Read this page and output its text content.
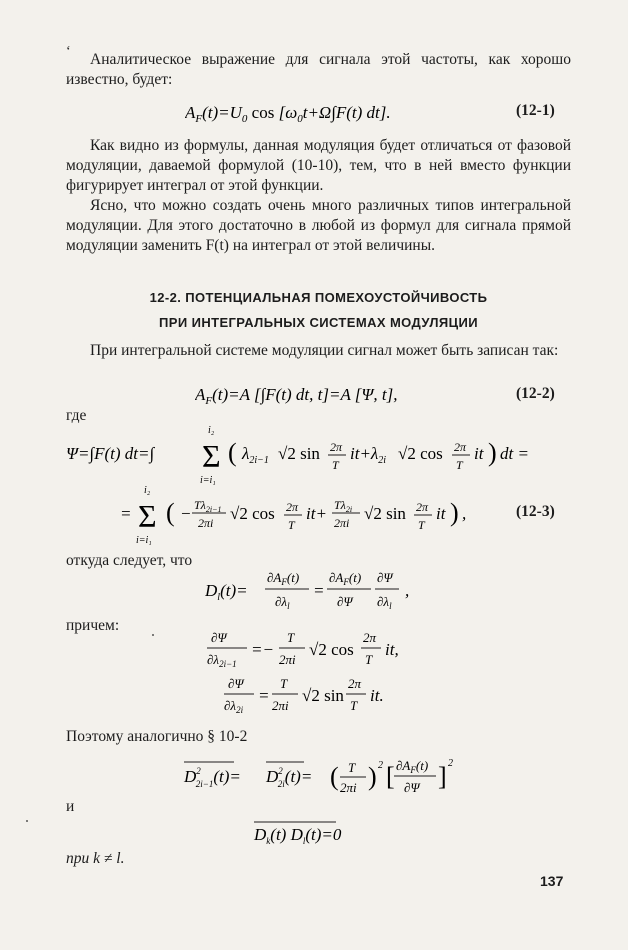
‘	Аналитическое выражение для сигнала этой частоты, как хорошо известно, будет:
$A_F(t)=U_0$ $\cos [\omega_0t+\Omega\int F(t)$ dt].	(12-1)
Как видно из формулы, данная модуляция будет отличаться от фазовой модуляции, даваемой формулой (10-10), тем, что в ней вместо функции фигурирует интеграл от этой функции.
Ясно, что можно создать очень много различных типов интегральной модуляции. Для этого достаточно в любой из формул для сигнала прямой модуляции заменить F(t) на интеграл от этой величины.
12-2. ПОТЕНЦИАЛЬНАЯ ПОМЕХОУСТОЙЧИВОСТЬ
ПРИ ИНТЕГРАЛЬНЫХ СИСТЕМАХ МОДУЛЯЦИИ
При интегральной системе модуляции сигнал может быть записан так:
$A_F(t)=A$ [∫F(t) dt, t]=A [Ψ, t],	(12-2)
где
Ψ=∫F(t) dt=∫
i₂
Σ
i=i₁
( $\lambda_{2i-1}$ √2 sin 2π
T
$it+\lambda_{2i}$ √2 cos 2π
T
it ) dt =
=
i₂
Σ
i=i₁
( − $T\lambda_{2i-1}$
2πi √2 cos 2π
T
$it+ T\lambda_{2i}$
2πi √2 sin 2π
T
it ) ,	(12-3)
откуда следует, что
$D_l(t)=$
$\partial A_F(t)$
$\partial\lambda_l$
=
$\partial A_F(t)$
∂Ψ
∂Ψ
$\partial\lambda_l$
,
причем:
∂Ψ
$\partial\lambda_{2i-1}$
=−
T
2πi
√2 cos
2π
T
it,
∂Ψ
$\partial\lambda_{2i}$
=
T
2πi
√2 sin
2π
T
it.
Поэтому аналогично § 10-2
$D^2$ $2i-1(t)= D^2$ 2i(t)= ( T
2πi ) 2 [ $\partial A_F(t)$
∂Ψ ] 2
и
$D_k(t)$ $D_l(t)=0$
при k ≠ l.
137
